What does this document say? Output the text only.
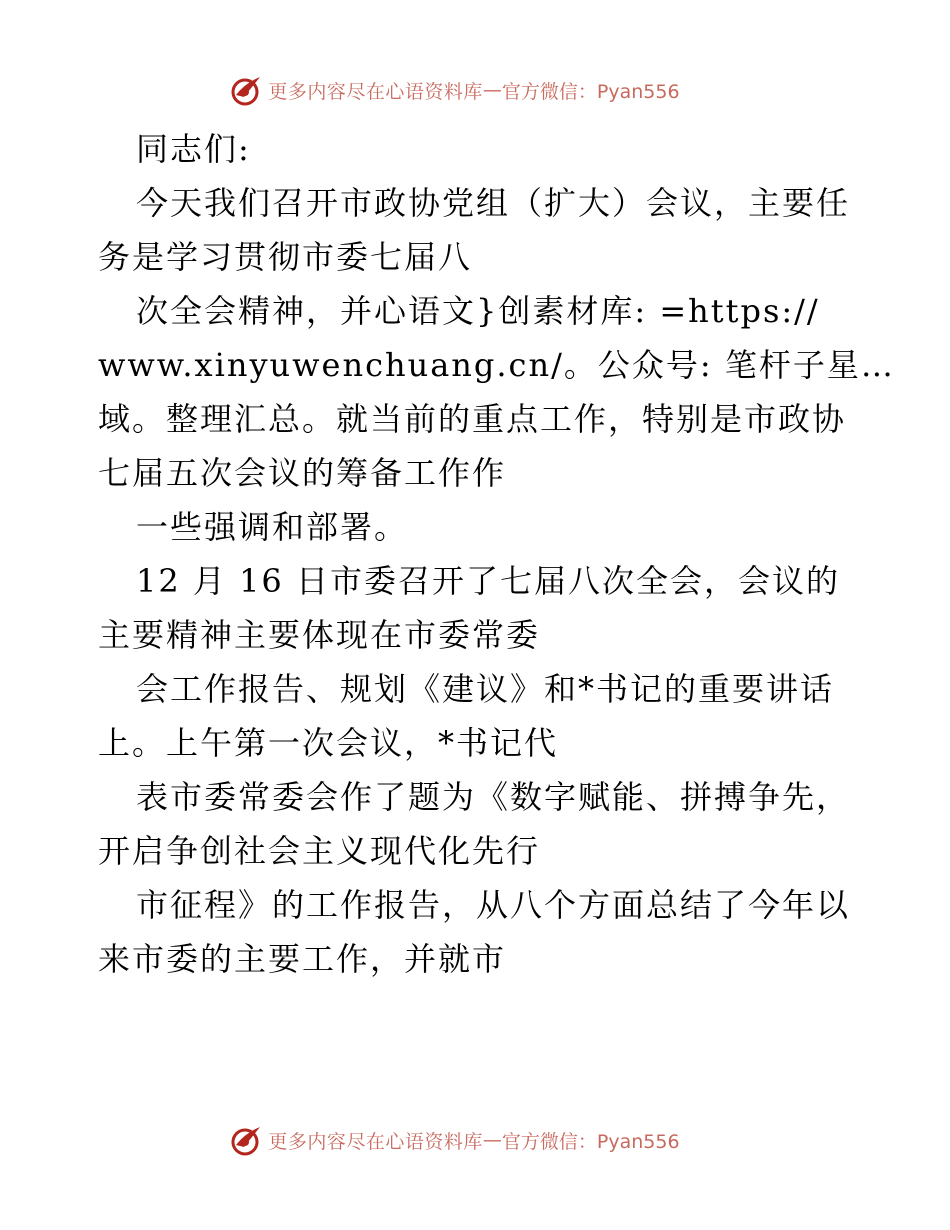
更多内容尽在心语资料库 — 官方微信：Pyan556
同志们:
今天我们召开市政协党组（扩大）会议，主要任
务是学习贯彻市委七届八
次全会精神，并心语文}创素材库: =https://
www.xinyuwenchuang.cn/。公众号: 笔杆子星…
域。整理汇总。就当前的重点工作，特别是市政协
七届五次会议的筹备工作作
一些强调和部署。
12 月 16 日市委召开了七届八次全会，会议的
主要精神主要体现在市委常委
会工作报告、规划《建议》和*书记的重要讲话
上。上午第一次会议，*书记代
表市委常委会作了题为《数字赋能、拼搏争先，
开启争创社会主义现代化先行
市征程》的工作报告，从八个方面总结了今年以
来市委的主要工作，并就市
更多内容尽在心语资料库 — 官方微信：Pyan556
